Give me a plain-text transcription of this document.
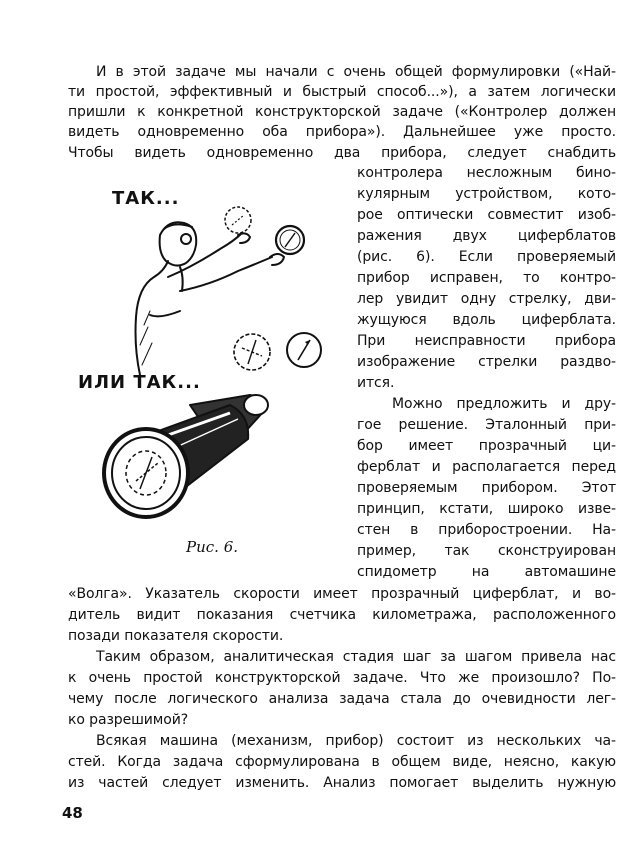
И в этой задаче мы начали с очень общей формулировки («Най-
ти простой, эффективный и быстрый способ...»), а затем логически
пришли к конкретной конструкторской задаче («Контролер должен
видеть одновременно оба прибора»). Дальнейшее уже просто.
Чтобы видеть одновременно два прибора, следует снабдить
контролера несложным бино-
кулярным устройством, кото-
рое оптически совместит изоб-
ражения двух циферблатов
(рис. 6). Если проверяемый
прибор исправен, то контро-
лер увидит одну стрелку, дви-
жущуюся вдоль циферблата.
При неисправности прибора
изображение стрелки раздво-
ится.
Можно предложить и дру-
гое решение. Эталонный при-
бор имеет прозрачный ци-
ферблат и располагается перед
проверяемым прибором. Этот
принцип, кстати, широко изве-
стен в приборостроении. На-
пример, так сконструирован
спидометр на автомашине
«Волга». Указатель скорости имеет прозрачный циферблат, и во-
дитель видит показания счетчика километража, расположенного
позади показателя скорости.
Таким образом, аналитическая стадия шаг за шагом привела нас
к очень простой конструкторской задаче. Что же произошло? По-
чему после логического анализа задача стала до очевидности лег-
ко разрешимой?
Всякая машина (механизм, прибор) состоит из нескольких ча-
стей. Когда задача сформулирована в общем виде, неясно, какую
из частей следует изменить. Анализ помогает выделить нужную
ТАК...
ИЛИ ТАК...
Рис. 6.
48
